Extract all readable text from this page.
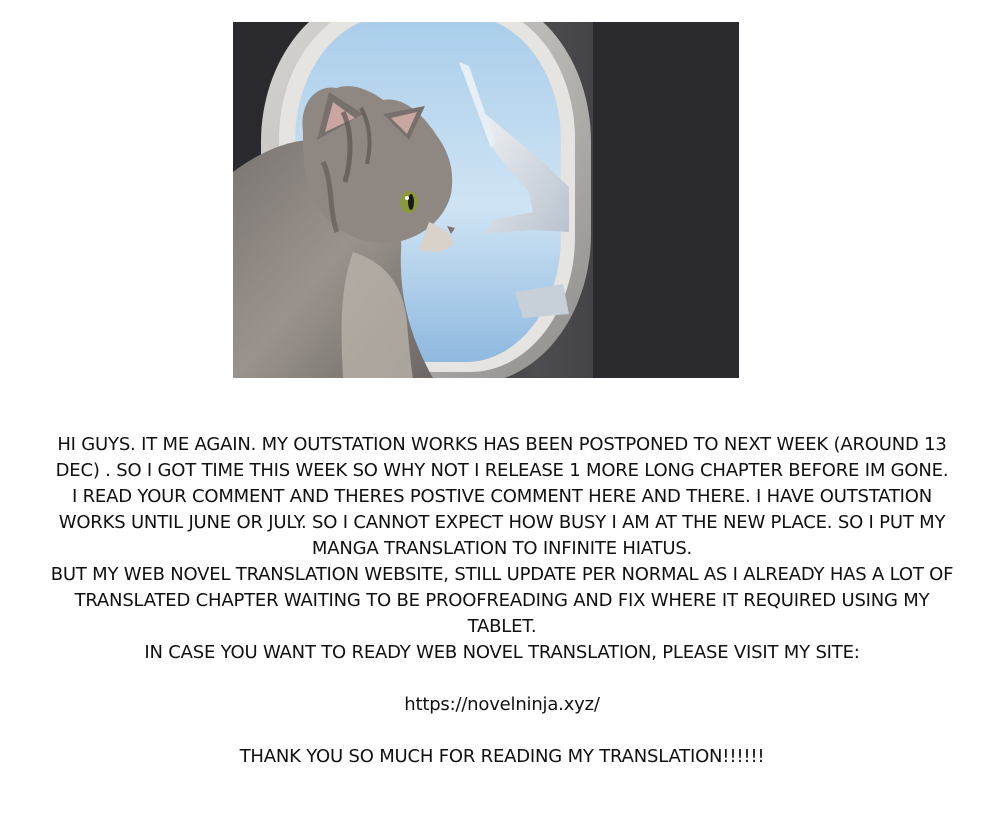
HI GUYS. IT ME AGAIN. MY OUTSTATION WORKS HAS BEEN POSTPONED TO NEXT WEEK (AROUND 13 DEC) . SO I GOT TIME THIS WEEK SO WHY NOT I RELEASE 1 MORE LONG CHAPTER BEFORE IM GONE.

I READ YOUR COMMENT AND THERES POSTIVE COMMENT HERE AND THERE. I HAVE OUTSTATION WORKS UNTIL JUNE OR JULY. SO I CANNOT EXPECT HOW BUSY I AM AT THE NEW PLACE. SO I PUT MY MANGA TRANSLATION TO INFINITE HIATUS.

BUT MY WEB NOVEL TRANSLATION WEBSITE, STILL UPDATE PER NORMAL AS I ALREADY HAS A LOT OF TRANSLATED CHAPTER WAITING TO BE PROOFREADING AND FIX WHERE IT REQUIRED USING MY TABLET.

IN CASE YOU WANT TO READY WEB NOVEL TRANSLATION, PLEASE VISIT MY SITE:

https://novelninja.xyz/

THANK YOU SO MUCH FOR READING MY TRANSLATION!!!!!!
